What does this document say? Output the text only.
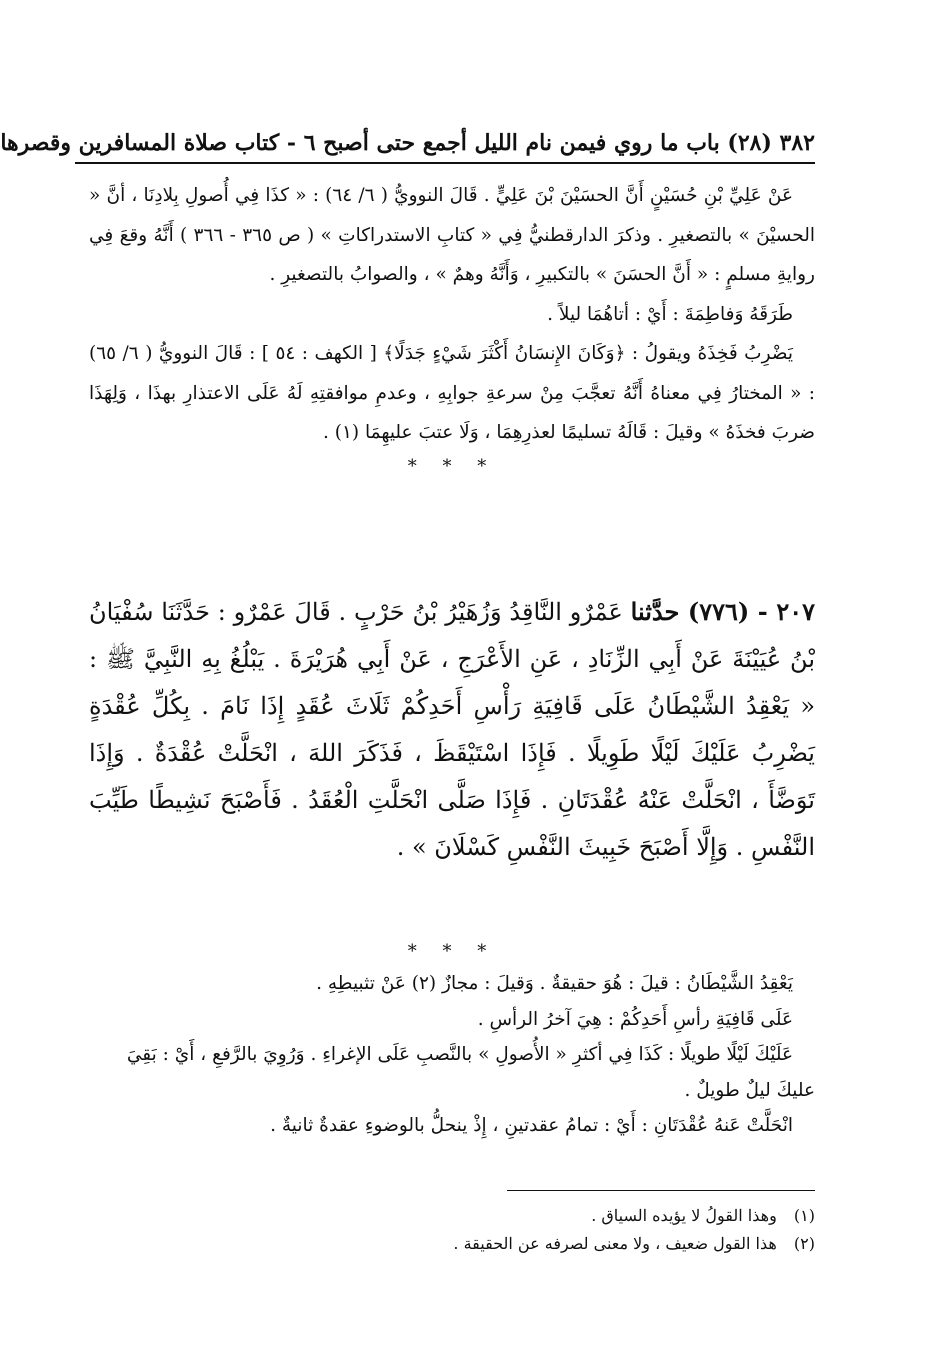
٣٨٢ (٢٨) باب ما روي فيمن نام الليل أجمع حتى أصبح ٦ - كتاب صلاة المسافرين وقصرها

عَنْ عَلِيِّ بْنِ حُسَيْنٍ أَنَّ الحسَيْنَ بْنَ عَلِيٍّ . قَالَ النوويُّ ( ٦/ ٦٤) : « كذَا فِي أُصولِ بِلادِنَا ، أنَّ « الحسيْنَ » بالتصغيرِ . وذكرَ الدارقطنيُّ فِي « كتابِ الاستدراكاتِ » ( ص ٣٦٥ - ٣٦٦ ) أَنَّهُ وقعَ فِي روايةِ مسلمٍ : « أَنَّ الحسَنَ » بالتكبيرِ ، وَأَنَّهُ وهمٌ » ، والصوابُ بالتصغيرِ .

طَرَقَهُ وَفاطِمَةَ : أَيْ : أتاهُمَا ليلاً .

يَضْرِبُ فَخِذَهُ ويقولُ : ﴿وَكَانَ الإِنسَانُ أَكْثَرَ شَيْءٍ جَدَلًا﴾ [ الكهف : ٥٤ ] : قَالَ النوويُّ ( ٦/ ٦٥) : « المختارُ فِي معناهُ أَنَّهُ تعجَّبَ مِنْ سرعةِ جوابِهِ ، وعدمِ موافقتِهِ لَهُ عَلَى الاعتذارِ بهذَا ، وَلِهَذَا ضربَ فخذَهُ » وقيلَ : قَالَهُ تسليمًا لعذرِهِمَا ، وَلَا عتبَ عليهِمَا (١) .

* * *

٢٠٧ - (٧٧٦) حدَّثنا عَمْرٌو النَّاقِدُ وَزُهَيْرُ بْنُ حَرْبٍ . قَالَ عَمْرٌو : حَدَّثَنَا سُفْيَانُ بْنُ عُيَيْنَةَ عَنْ أَبِي الزِّنَادِ ، عَنِ الأَعْرَجِ ، عَنْ أَبِي هُرَيْرَةَ . يَبْلُغُ بِهِ النَّبِيَّ ﷺ : « يَعْقِدُ الشَّيْطَانُ عَلَى قَافِيَةِ رَأْسِ أَحَدِكُمْ ثَلَاثَ عُقَدٍ إِذَا نَامَ . بِكُلِّ عُقْدَةٍ يَضْرِبُ عَلَيْكَ لَيْلًا طَوِيلًا . فَإِذَا اسْتَيْقَظَ ، فَذَكَرَ اللهَ ، انْحَلَّتْ عُقْدَةٌ . وَإِذَا تَوَضَّأَ ، انْحَلَّتْ عَنْهُ عُقْدَتَانِ . فَإِذَا صَلَّى انْحَلَّتِ الْعُقَدُ . فَأَصْبَحَ نَشِيطًا طَيِّبَ النَّفْسِ . وَإِلَّا أَصْبَحَ خَبِيثَ النَّفْسِ كَسْلَانَ » .

* * *

يَعْقِدُ الشَّيْطَانُ : قيلَ : هُوَ حقيقةٌ . وَقيلَ : مجازٌ (٢) عَنْ تثبيطِهِ .

عَلَى قَافِيَةِ رأسِ أَحَدِكُمْ : هِيَ آخرُ الرأسِ .

عَلَيْكَ لَيْلًا طويلًا : كَذَا فِي أكثرِ « الأُصولِ » بالنَّصبِ عَلَى الإغراءِ . وَرُوِيَ بالرَّفعِ ، أَيْ : بَقِيَ عليكَ ليلٌ طويلٌ .

انْحَلَّتْ عَنهُ عُقْدَتَانِ : أَيْ : تمامُ عقدتينِ ، إِذْ ينحلُّ بالوضوءِ عقدةٌ ثانيةٌ .

(١) وهذا القولُ لا يؤيده السياق .

(٢) هذا القول ضعيف ، ولا معنى لصرفه عن الحقيقة .
